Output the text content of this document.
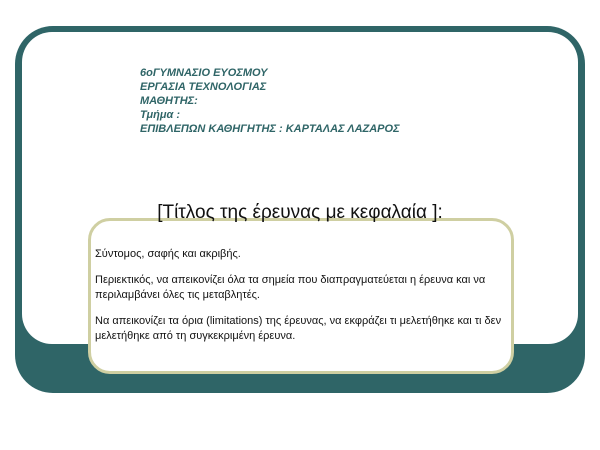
6οΓΥΜΝΑΣΙΟ ΕΥΟΣΜΟΥ
ΕΡΓΑΣΙΑ ΤΕΧΝΟΛΟΓΙΑΣ
ΜΑΘΗΤΗΣ:
Τμήμα :
ΕΠΙΒΛΕΠΩΝ ΚΑΘΗΓΗΤΗΣ : ΚΑΡΤΑΛΑΣ ΛΑΖΑΡΟΣ
[Τίτλος της έρευνας με κεφαλαία ]:

Σύντομος, σαφής και ακριβής.

Περιεκτικός, να απεικονίζει όλα τα σημεία που διαπραγματεύεται η έρευνα και να περιλαμβάνει όλες τις μεταβλητές.

Να απεικονίζει τα όρια (limitations) της έρευνας, να εκφράζει τι μελετήθηκε και τι δεν μελετήθηκε από τη συγκεκριμένη έρευνα.
